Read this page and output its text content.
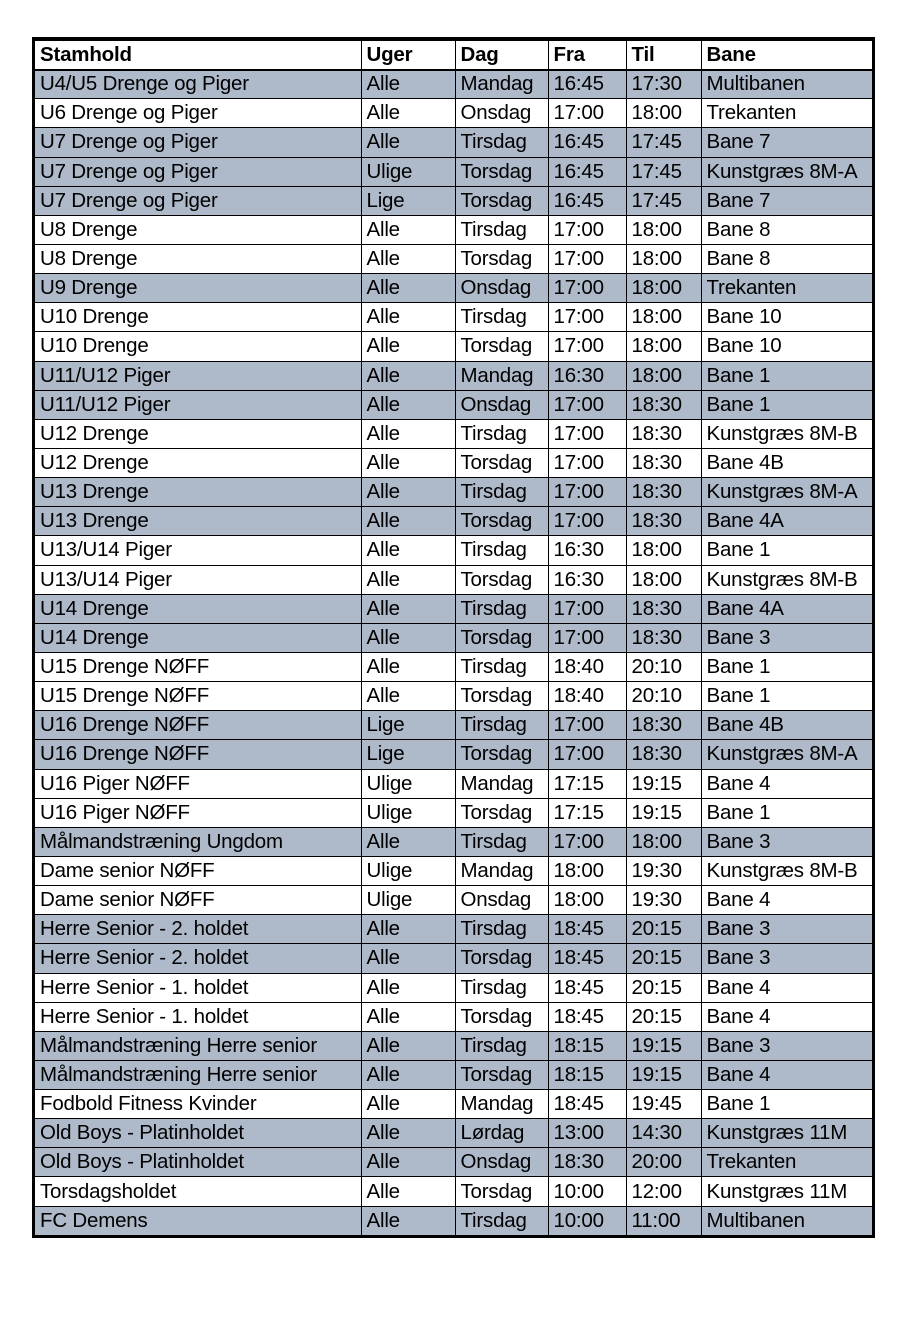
Stamhold	Uger	Dag	Fra	Til	Bane
U4/U5 Drenge og Piger	Alle	Mandag	16:45	17:30	Multibanen
U6 Drenge og Piger	Alle	Onsdag	17:00	18:00	Trekanten
U7 Drenge og Piger	Alle	Tirsdag	16:45	17:45	Bane 7
U7 Drenge og Piger	Ulige	Torsdag	16:45	17:45	Kunstgræs 8M-A
U7 Drenge og Piger	Lige	Torsdag	16:45	17:45	Bane 7
U8 Drenge	Alle	Tirsdag	17:00	18:00	Bane 8
U8 Drenge	Alle	Torsdag	17:00	18:00	Bane 8
U9 Drenge	Alle	Onsdag	17:00	18:00	Trekanten
U10 Drenge	Alle	Tirsdag	17:00	18:00	Bane 10
U10 Drenge	Alle	Torsdag	17:00	18:00	Bane 10
U11/U12 Piger	Alle	Mandag	16:30	18:00	Bane 1
U11/U12 Piger	Alle	Onsdag	17:00	18:30	Bane 1
U12 Drenge	Alle	Tirsdag	17:00	18:30	Kunstgræs 8M-B
U12 Drenge	Alle	Torsdag	17:00	18:30	Bane 4B
U13 Drenge	Alle	Tirsdag	17:00	18:30	Kunstgræs 8M-A
U13 Drenge	Alle	Torsdag	17:00	18:30	Bane 4A
U13/U14 Piger	Alle	Tirsdag	16:30	18:00	Bane 1
U13/U14 Piger	Alle	Torsdag	16:30	18:00	Kunstgræs 8M-B
U14 Drenge	Alle	Tirsdag	17:00	18:30	Bane 4A
U14 Drenge	Alle	Torsdag	17:00	18:30	Bane 3
U15 Drenge NØFF	Alle	Tirsdag	18:40	20:10	Bane 1
U15 Drenge NØFF	Alle	Torsdag	18:40	20:10	Bane 1
U16 Drenge NØFF	Lige	Tirsdag	17:00	18:30	Bane 4B
U16 Drenge NØFF	Lige	Torsdag	17:00	18:30	Kunstgræs 8M-A
U16 Piger NØFF	Ulige	Mandag	17:15	19:15	Bane 4
U16 Piger NØFF	Ulige	Torsdag	17:15	19:15	Bane 1
Målmandstræning Ungdom	Alle	Tirsdag	17:00	18:00	Bane 3
Dame senior NØFF	Ulige	Mandag	18:00	19:30	Kunstgræs 8M-B
Dame senior NØFF	Ulige	Onsdag	18:00	19:30	Bane 4
Herre Senior - 2. holdet	Alle	Tirsdag	18:45	20:15	Bane 3
Herre Senior - 2. holdet	Alle	Torsdag	18:45	20:15	Bane 3
Herre Senior - 1. holdet	Alle	Tirsdag	18:45	20:15	Bane 4
Herre Senior - 1. holdet	Alle	Torsdag	18:45	20:15	Bane 4
Målmandstræning Herre senior	Alle	Tirsdag	18:15	19:15	Bane 3
Målmandstræning Herre senior	Alle	Torsdag	18:15	19:15	Bane 4
Fodbold Fitness Kvinder	Alle	Mandag	18:45	19:45	Bane 1
Old Boys - Platinholdet	Alle	Lørdag	13:00	14:30	Kunstgræs 11M
Old Boys - Platinholdet	Alle	Onsdag	18:30	20:00	Trekanten
Torsdagsholdet	Alle	Torsdag	10:00	12:00	Kunstgræs 11M
FC Demens	Alle	Tirsdag	10:00	11:00	Multibanen
